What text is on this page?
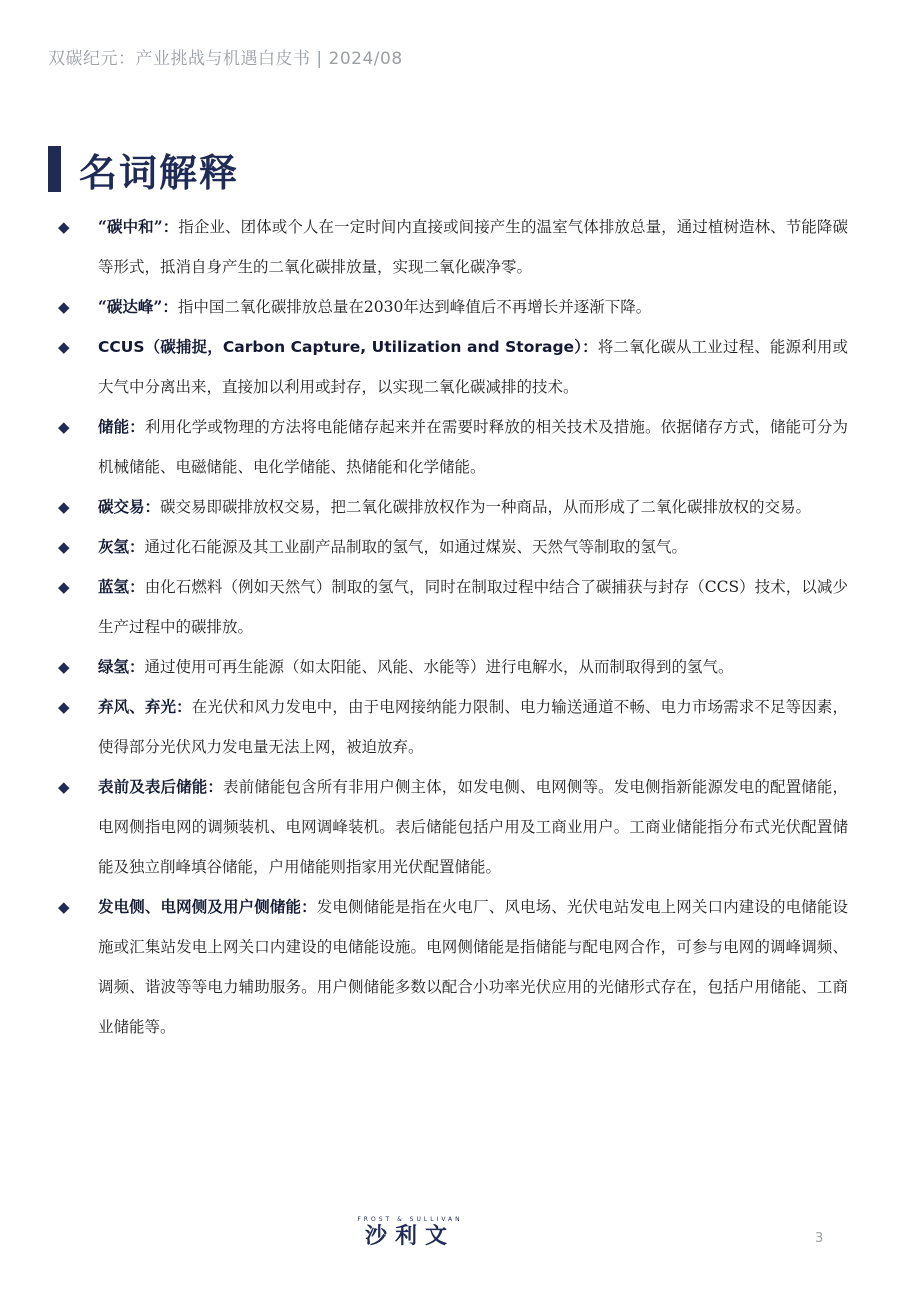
双碳纪元：产业挑战与机遇白皮书 | 2024/08
名词解释
◆ “碳中和”：指企业、团体或个人在一定时间内直接或间接产生的温室气体排放总量，通过植树造林、节能降碳等形式，抵消自身产生的二氧化碳排放量，实现二氧化碳净零。
◆ “碳达峰”：指中国二氧化碳排放总量在2030年达到峰值后不再增长并逐渐下降。
◆ CCUS（碳捕捉，Carbon Capture, Utilization and Storage）：将二氧化碳从工业过程、能源利用或大气中分离出来，直接加以利用或封存，以实现二氧化碳减排的技术。
◆ 储能：利用化学或物理的方法将电能储存起来并在需要时释放的相关技术及措施。依据储存方式，储能可分为机械储能、电磁储能、电化学储能、热储能和化学储能。
◆ 碳交易：碳交易即碳排放权交易，把二氧化碳排放权作为一种商品，从而形成了二氧化碳排放权的交易。
◆ 灰氢：通过化石能源及其工业副产品制取的氢气，如通过煤炭、天然气等制取的氢气。
◆ 蓝氢：由化石燃料（例如天然气）制取的氢气，同时在制取过程中结合了碳捕获与封存（CCS）技术，以减少生产过程中的碳排放。
◆ 绿氢：通过使用可再生能源（如太阳能、风能、水能等）进行电解水，从而制取得到的氢气。
◆ 弃风、弃光：在光伏和风力发电中，由于电网接纳能力限制、电力输送通道不畅、电力市场需求不足等因素，使得部分光伏风力发电量无法上网，被迫放弃。
◆ 表前及表后储能：表前储能包含所有非用户侧主体，如发电侧、电网侧等。发电侧指新能源发电的配置储能，电网侧指电网的调频装机、电网调峰装机。表后储能包括户用及工商业用户。工商业储能指分布式光伏配置储能及独立削峰填谷储能，户用储能则指家用光伏配置储能。
◆ 发电侧、电网侧及用户侧储能：发电侧储能是指在火电厂、风电场、光伏电站发电上网关口内建设的电储能设施或汇集站发电上网关口内建设的电储能设施。电网侧储能是指储能与配电网合作，可参与电网的调峰调频、调频、谐波等等电力辅助服务。用户侧储能多数以配合小功率光伏应用的光储形式存在，包括户用储能、工商业储能等。
FROST & SULLIVAN
沙利文	3
